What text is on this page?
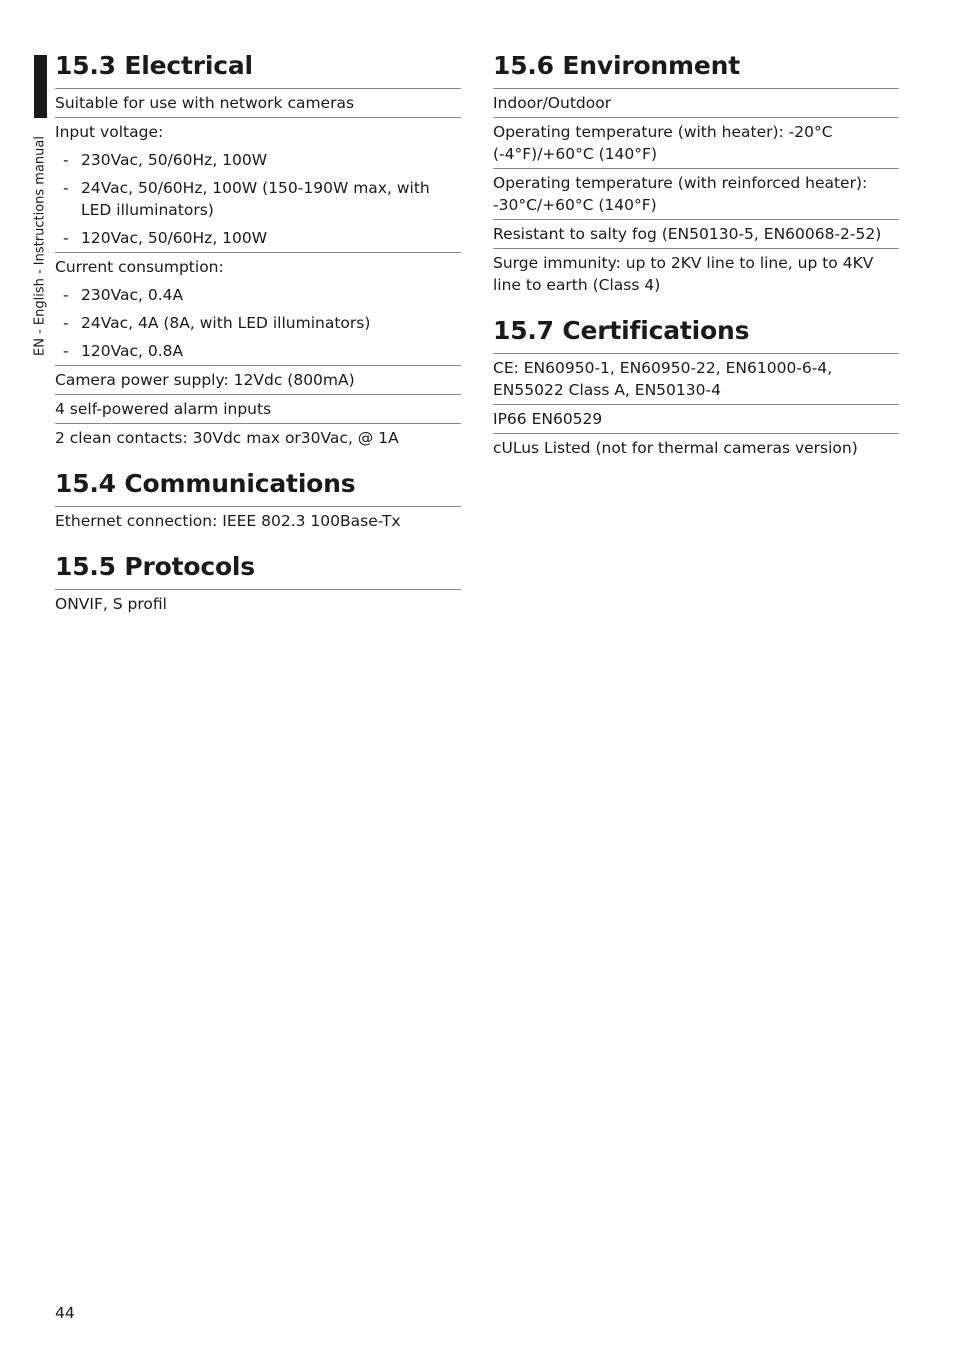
EN - English - Instructions manual
15.3 Electrical
Suitable for use with network cameras
Input voltage:
- 230Vac, 50/60Hz, 100W
- 24Vac, 50/60Hz, 100W (150-190W max, with LED illuminators)
- 120Vac, 50/60Hz, 100W
Current consumption:
- 230Vac, 0.4A
- 24Vac, 4A (8A, with LED illuminators)
- 120Vac, 0.8A
Camera power supply: 12Vdc (800mA)
4 self-powered alarm inputs
2 clean contacts: 30Vdc max or30Vac, @ 1A
15.4 Communications
Ethernet connection: IEEE 802.3 100Base-Tx
15.5 Protocols
ONVIF, S profil
15.6 Environment
Indoor/Outdoor
Operating temperature (with heater): -20°C (-4°F)/+60°C (140°F)
Operating temperature (with reinforced heater): -30°C/+60°C (140°F)
Resistant to salty fog (EN50130-5, EN60068-2-52)
Surge immunity: up to 2KV line to line, up to 4KV line to earth (Class 4)
15.7 Certifications
CE: EN60950-1, EN60950-22, EN61000-6-4, EN55022 Class A, EN50130-4
IP66 EN60529
cULus Listed (not for thermal cameras version)
44
